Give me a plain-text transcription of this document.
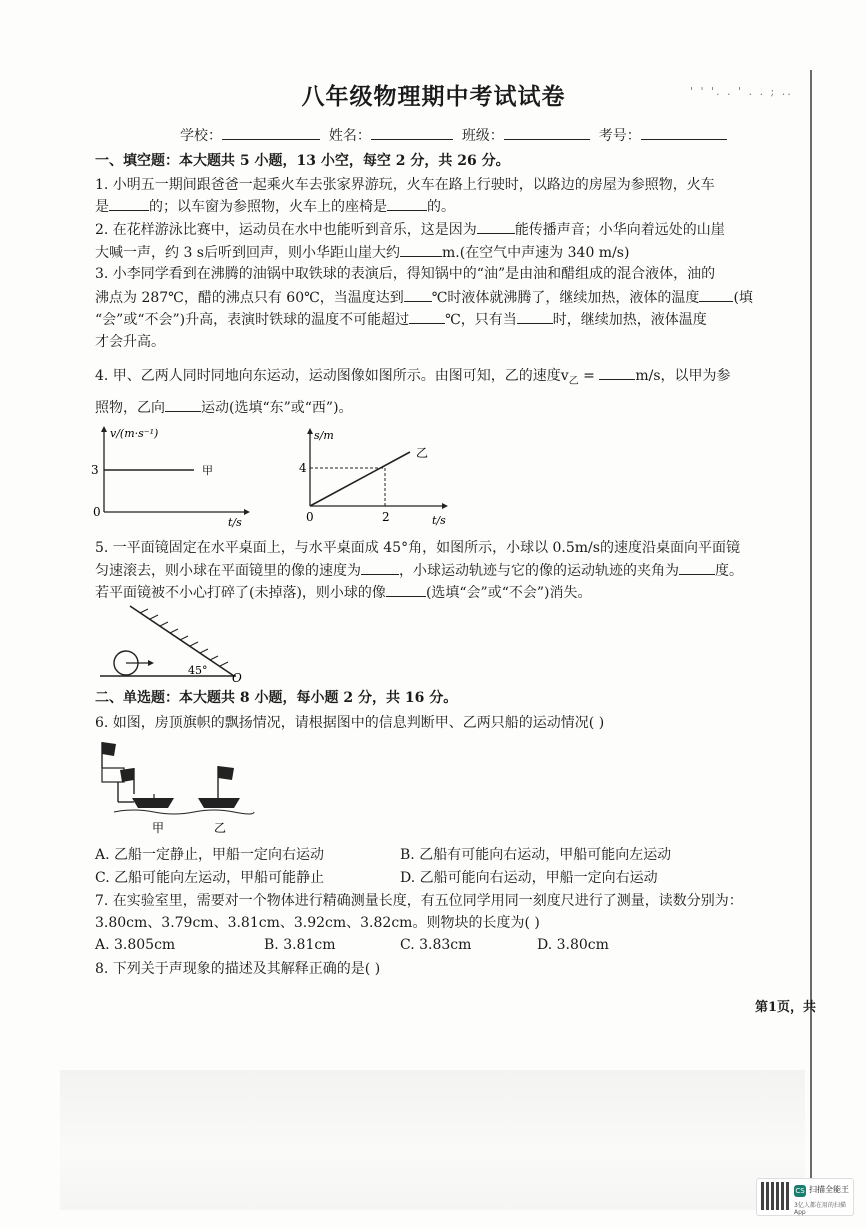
' ' '. . ' . . ; ..
八年级物理期中考试试卷
学校：	姓名：	班级：	考号：
一、填空题：本大题共 5 小题，13 小空，每空 2 分，共 26 分。
1. 小明五一期间跟爸爸一起乘火车去张家界游玩，火车在路上行驶时，以路边的房屋为参照物，火车
是	的；以车窗为参照物，火车上的座椅是	的。
2. 在花样游泳比赛中，运动员在水中也能听到音乐，这是因为	能传播声音；小华向着远处的山崖
大喊一声，约 3 s后听到回声，则小华距山崖大约	m.(在空气中声速为 340 m/s)
3. 小李同学看到在沸腾的油锅中取铁球的表演后，得知锅中的“油”是由油和醋组成的混合液体，油的
沸点为 287℃，醋的沸点只有 60℃，当温度达到 ℃时液体就沸腾了，继续加热，液体的温度 (填
“会”或“不会”)升高，表演时铁球的温度不可能超过	℃，只有当	时，继续加热，液体温度
才会升高。
4. 甲、乙两人同时同地向东运动，运动图像如图所示。由图可知，乙的速度$v_乙$ =	m/s，以甲为参
照物，乙向	运动(选填“东”或“西”)。
v/(m·s⁻¹)
3
0
甲
t/s
s/m
4
2
0
乙
t/s
5. 一平面镜固定在水平桌面上，与水平桌面成 45°角，如图所示，小球以 0.5m/s的速度沿桌面向平面镜
匀速滚去，则小球在平面镜里的像的速度为	，小球运动轨迹与它的像的运动轨迹的夹角为	度。
若平面镜被不小心打碎了(未掉落)，则小球的像	(选填“会”或“不会”)消失。
45°
O
二、单选题：本大题共 8 小题，每小题 2 分，共 16 分。
6. 如图，房顶旗帜的飘扬情况，请根据图中的信息判断甲、乙两只船的运动情况( )
甲	乙
A. 乙船一定静止，甲船一定向右运动	B. 乙船有可能向右运动，甲船可能向左运动
C. 乙船可能向左运动，甲船可能静止	D. 乙船可能向右运动，甲船一定向右运动
7. 在实验室里，需要对一个物体进行精确测量长度，有五位同学用同一刻度尺进行了测量，读数分别为：
3.80cm、3.79cm、3.81cm、3.92cm、3.82cm。则物块的长度为( )
A. 3.805cm	B. 3.81cm	C. 3.83cm	D. 3.80cm
8. 下列关于声现象的描述及其解释正确的是( )
第1页，共
CS 扫描全能王
3亿人都在用的扫描App
